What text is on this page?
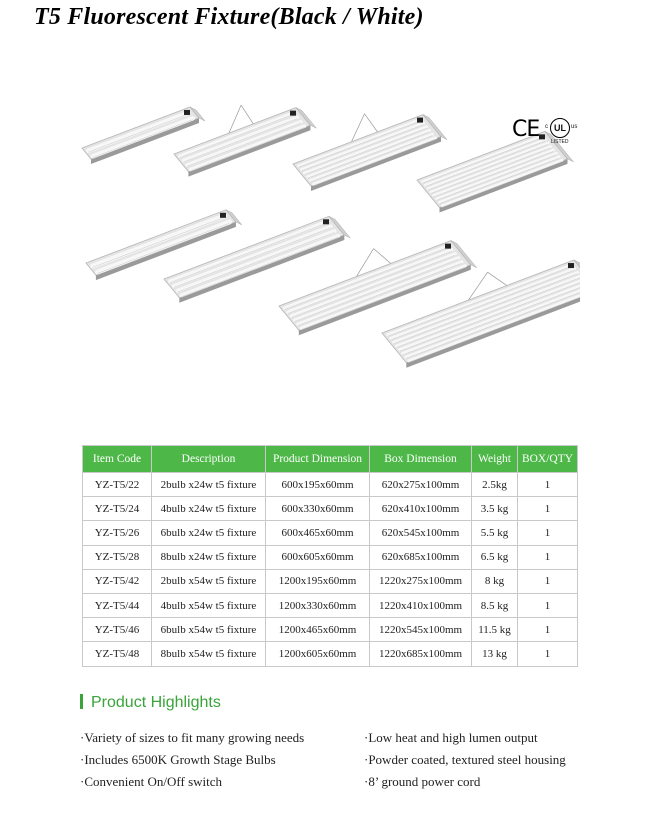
T5 Fluorescent Fixture(Black / White)
CE c UL us
LISTED
Item Code	Description	Product Dimension	Box Dimension	Weight	BOX/QTY
YZ-T5/22	2bulb x24w t5 fixture	600x195x60mm	620x275x100mm	2.5kg	1
YZ-T5/24	4bulb x24w t5 fixture	600x330x60mm	620x410x100mm	3.5 kg	1
YZ-T5/26	6bulb x24w t5 fixture	600x465x60mm	620x545x100mm	5.5 kg	1
YZ-T5/28	8bulb x24w t5 fixture	600x605x60mm	620x685x100mm	6.5 kg	1
YZ-T5/42	2bulb x54w t5 fixture	1200x195x60mm	1220x275x100mm	8 kg	1
YZ-T5/44	4bulb x54w t5 fixture	1200x330x60mm	1220x410x100mm	8.5 kg	1
YZ-T5/46	6bulb x54w t5 fixture	1200x465x60mm	1220x545x100mm	11.5 kg	1
YZ-T5/48	8bulb x54w t5 fixture	1200x605x60mm	1220x685x100mm	13 kg	1
Product Highlights
·Variety of sizes to fit many growing needs
·Includes 6500K Growth Stage Bulbs
·Convenient On/Off switch
·Low heat and high lumen output
·Powder coated, textured steel housing
·8’ ground power cord
